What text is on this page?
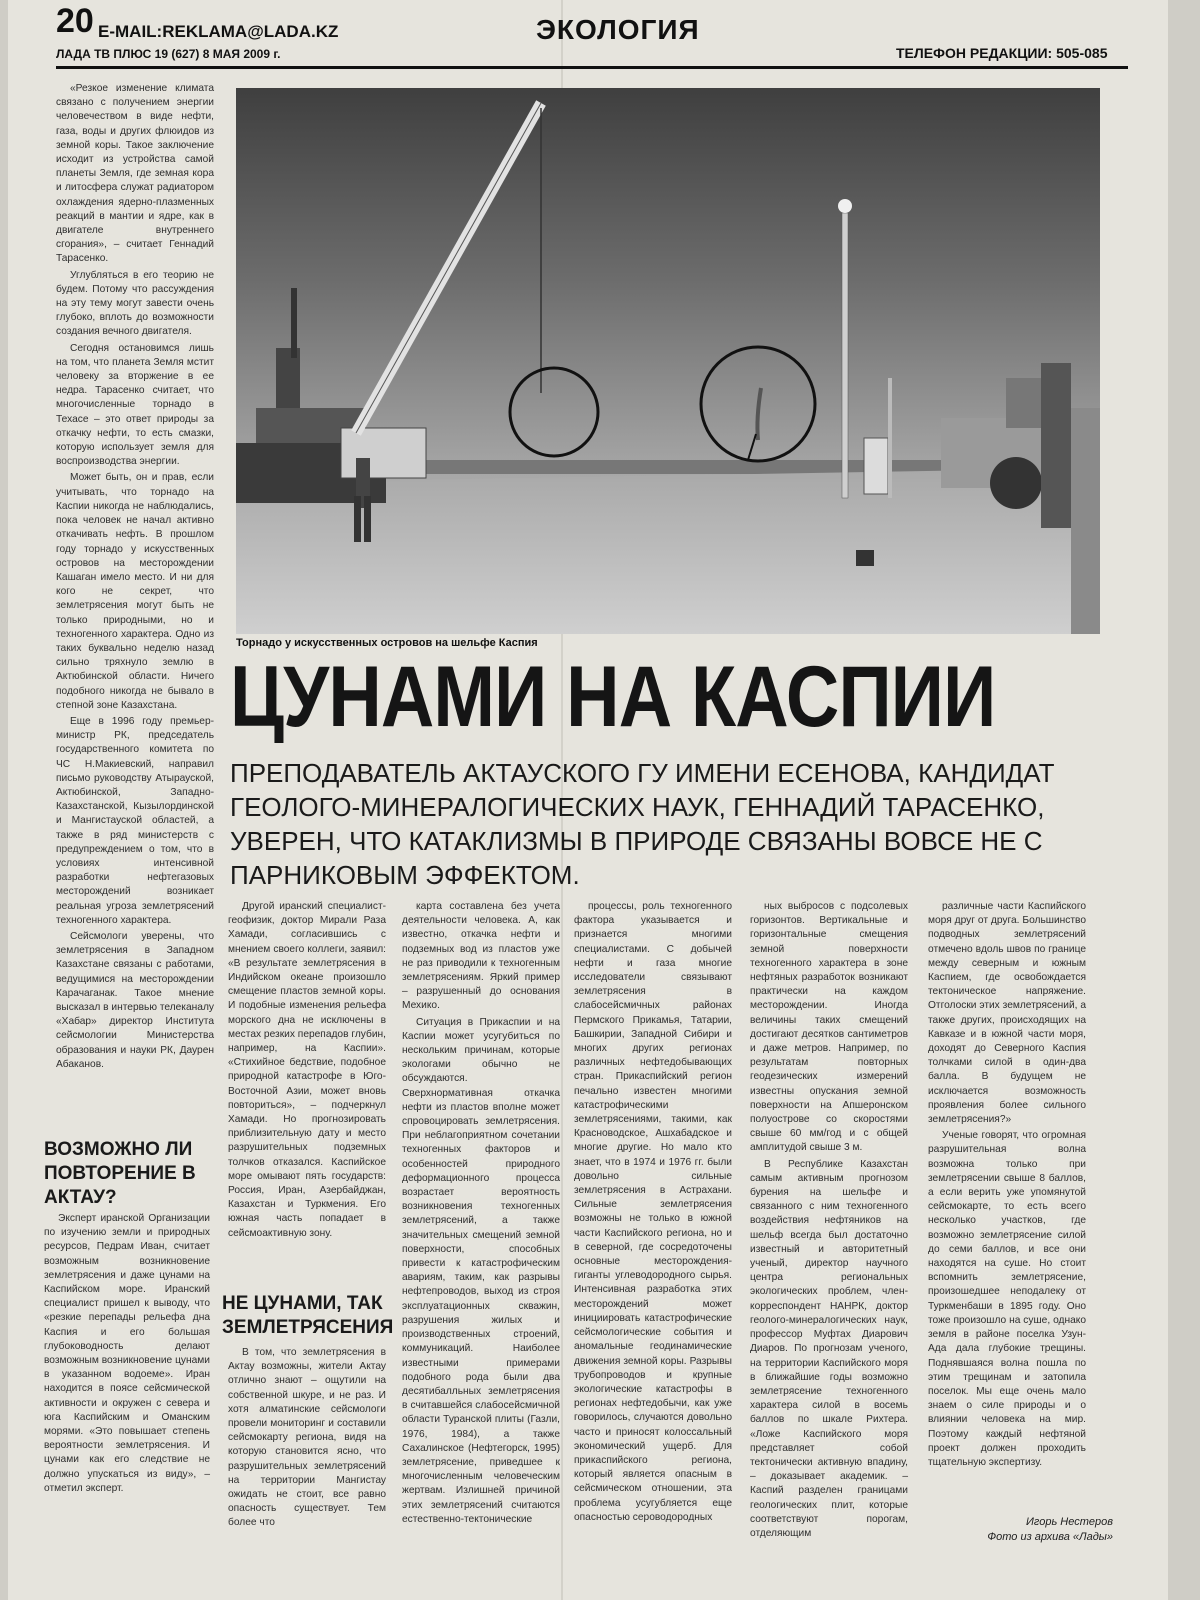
20 E-MAIL:REKLAMA@LADA.KZ
ЛАДА ТВ ПЛЮС 19 (627) 8 МАЯ 2009 г.
ЭКОЛОГИЯ
ТЕЛЕФОН РЕДАКЦИИ: 505-085

«Резкое изменение климата связано с получением энергии человечеством в виде нефти, газа, воды и других флюидов из земной коры. Такое заключение исходит из устройства самой планеты Земля, где земная кора и литосфера служат радиатором охлаждения ядерно-плазменных реакций в мантии и ядре, как в двигателе внутреннего сгорания», – считает Геннадий Тарасенко.

Углубляться в его теорию не будем. Потому что рассуждения на эту тему могут завести очень глубоко, вплоть до возможности создания вечного двигателя.

Сегодня остановимся лишь на том, что планета Земля мстит человеку за вторжение в ее недра. Тарасенко считает, что многочисленные торнадо в Техасе – это ответ природы за откачку нефти, то есть смазки, которую использует земля для воспроизводства энергии.

Может быть, он и прав, если учитывать, что торнадо на Каспии никогда не наблюдались, пока человек не начал активно откачивать нефть. В прошлом году торнадо у искусственных островов на месторождении Кашаган имело место. И ни для кого не секрет, что землетрясения могут быть не только природными, но и техногенного характера. Одно из таких буквально неделю назад сильно тряхнуло землю в Актюбинской области. Ничего подобного никогда не бывало в степной зоне Казахстана.

Еще в 1996 году премьер-министр РК, председатель государственного комитета по ЧС Н.Макиевский, направил письмо руководству Атырауской, Актюбинской, Западно-Казахстанской, Кызылординской и Мангистауской областей, а также в ряд министерств с предупреждением о том, что в условиях интенсивной разработки нефтегазовых месторождений возникает реальная угроза землетрясений техногенного характера.

Сейсмологи уверены, что землетрясения в Западном Казахстане связаны с работами, ведущимися на месторождении Карачаганак. Такое мнение высказал в интервью телеканалу «Хабар» директор Института сейсмологии Министерства образования и науки РК, Даурен Абаканов.

ВОЗМОЖНО ЛИ ПОВТОРЕНИЕ В АКТАУ?

Эксперт иранской Организации по изучению земли и природных ресурсов, Педрам Иван, считает возможным возникновение землетрясения и даже цунами на Каспийском море. Иранский специалист пришел к выводу, что «резкие перепады рельефа дна Каспия и его большая глубоководность делают возможным возникновение цунами в указанном водоеме». Иран находится в поясе сейсмической активности и окружен с севера и юга Каспийским и Оманским морями. «Это повышает степень вероятности землетрясения. И цунами как его следствие не должно упускаться из виду», – отметил эксперт.

Торнадо у искусственных островов на шельфе Каспия
ЦУНАМИ НА КАСПИИ
ПРЕПОДАВАТЕЛЬ АКТАУСКОГО ГУ ИМЕНИ ЕСЕНОВА, КАНДИДАТ ГЕОЛОГО-МИНЕРАЛОГИЧЕСКИХ НАУК, ГЕННАДИЙ ТАРАСЕНКО, УВЕРЕН, ЧТО КАТАКЛИЗМЫ В ПРИРОДЕ СВЯЗАНЫ ВОВСЕ НЕ С ПАРНИКОВЫМ ЭФФЕКТОМ.

Другой иранский специалист-геофизик, доктор Мирали Раза Хамади, согласившись с мнением своего коллеги, заявил: «В результате землетрясения в Индийском океане произошло смещение пластов земной коры. И подобные изменения рельефа морского дна не исключены в местах резких перепадов глубин, например, на Каспии». «Стихийное бедствие, подобное природной катастрофе в Юго-Восточной Азии, может вновь повториться», – подчеркнул Хамади. Но прогнозировать приблизительную дату и место разрушительных подземных толчков отказался. Каспийское море омывают пять государств: Россия, Иран, Азербайджан, Казахстан и Туркмения. Его южная часть попадает в сейсмоактивную зону.

НЕ ЦУНАМИ, ТАК ЗЕМЛЕТРЯСЕНИЯ

В том, что землетрясения в Актау возможны, жители Актау отлично знают – ощутили на собственной шкуре, и не раз. И хотя алматинские сейсмологи провели мониторинг и составили сейсмокарту региона, видя на которую становится ясно, что разрушительных землетрясений на территории Мангистау ожидать не стоит, все равно опасность существует. Тем более что

карта составлена без учета деятельности человека. А, как известно, откачка нефти и подземных вод из пластов уже не раз приводили к техногенным землетрясениям. Яркий пример – разрушенный до основания Мехико.

Ситуация в Прикаспии и на Каспии может усугубиться по нескольким причинам, которые экологами обычно не обсуждаются. Сверхнормативная откачка нефти из пластов вполне может спровоцировать землетрясения. При неблагоприятном сочетании техногенных факторов и особенностей природного деформационного процесса возрастает вероятность возникновения техногенных землетрясений, а также значительных смещений земной поверхности, способных привести к катастрофическим авариям, таким, как разрывы нефтепроводов, выход из строя эксплуатационных скважин, разрушения жилых и производственных строений, коммуникаций. Наиболее известными примерами подобного рода были два десятибалльных землетрясения в считавшейся слабосейсмичной области Туранской плиты (Газли, 1976, 1984), а также Сахалинское (Нефтегорск, 1995) землетрясение, приведшее к многочисленным человеческим жертвам. Излишней причиной этих землетрясений считаются естественно-тектонические

процессы, роль техногенного фактора указывается и признается многими специалистами. С добычей нефти и газа многие исследователи связывают землетрясения в слабосейсмичных районах Пермского Прикамья, Татарии, Башкирии, Западной Сибири и многих других регионах различных нефтедобывающих стран. Прикаспийский регион печально известен многими катастрофическими землетрясениями, такими, как Красноводское, Ашхабадское и многие другие. Но мало кто знает, что в 1974 и 1976 гг. были довольно сильные землетрясения в Астрахани. Сильные землетрясения возможны не только в южной части Каспийского региона, но и в северной, где сосредоточены основные месторождения-гиганты углеводородного сырья. Интенсивная разработка этих месторождений может инициировать катастрофические сейсмологические события и аномальные геодинамические движения земной коры. Разрывы трубопроводов и крупные экологические катастрофы в регионах нефтедобычи, как уже говорилось, случаются довольно часто и приносят колоссальный экономический ущерб. Для прикаспийского региона, который является опасным в сейсмическом отношении, эта проблема усугубляется еще опасностью сероводородных

ных выбросов с подсолевых горизонтов. Вертикальные и горизонтальные смещения земной поверхности техногенного характера в зоне нефтяных разработок возникают практически на каждом месторождении. Иногда величины таких смещений достигают десятков сантиметров и даже метров. Например, по результатам повторных геодезических измерений известны опускания земной поверхности на Апшеронском полуострове со скоростями свыше 60 мм/год и с общей амплитудой свыше 3 м.

В Республике Казахстан самым активным прогнозом бурения на шельфе и связанного с ним техногенного воздействия нефтяников на шельф всегда был достаточно известный и авторитетный ученый, директор научного центра региональных экологических проблем, член-корреспондент НАНРК, доктор геолого-минералогических наук, профессор Муфтах Диарович Диаров. По прогнозам ученого, на территории Каспийского моря в ближайшие годы возможно землетрясение техногенного характера силой в восемь баллов по шкале Рихтера. «Ложе Каспийского моря представляет собой тектонически активную впадину, – доказывает академик. – Каспий разделен границами геологических плит, которые соответствуют порогам, отделяющим

различные части Каспийского моря друг от друга. Большинство подводных землетрясений отмечено вдоль швов по границе между северным и южным Каспием, где освобождается тектоническое напряжение. Отголоски этих землетрясений, а также других, происходящих на Кавказе и в южной части моря, доходят до Северного Каспия толчками силой в один-два балла. В будущем не исключается возможность проявления более сильного землетрясения?»

Ученые говорят, что огромная разрушительная волна возможна только при землетрясении свыше 8 баллов, а если верить уже упомянутой сейсмокарте, то есть всего несколько участков, где возможно землетрясение силой до семи баллов, и все они находятся на суше. Но стоит вспомнить землетрясение, произошедшее неподалеку от Туркменбаши в 1895 году. Оно тоже произошло на суше, однако земля в районе поселка Узун-Ада дала глубокие трещины. Поднявшаяся волна пошла по этим трещинам и затопила поселок. Мы еще очень мало знаем о силе природы и о влиянии человека на мир. Поэтому каждый нефтяной проект должен проходить тщательную экспертизу.

Игорь Нестеров
Фото из архива «Лады»
